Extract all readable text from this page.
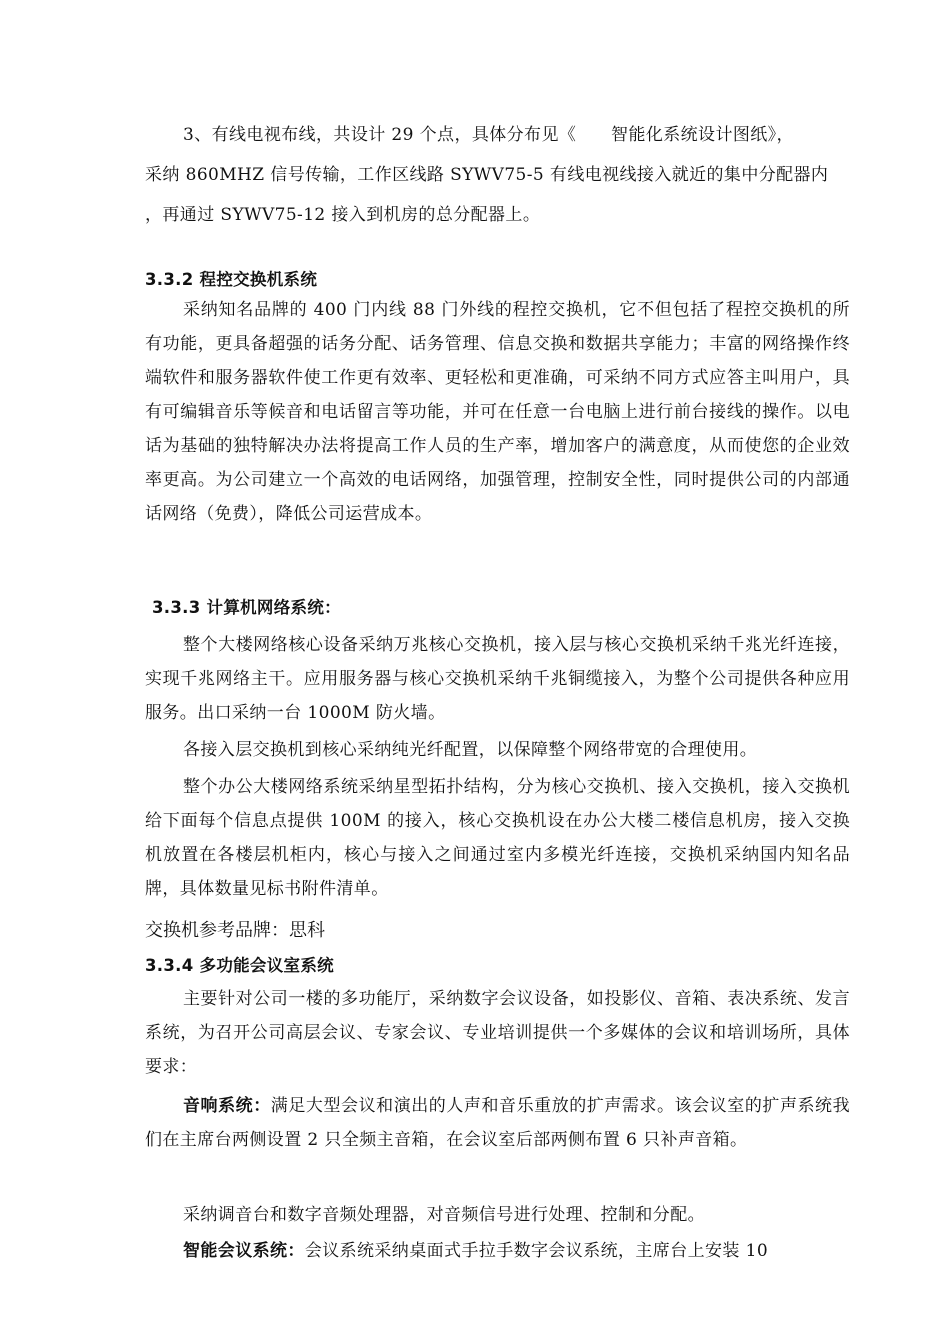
3、有线电视布线，共设计 29 个点，具体分布见《　　智能化系统设计图纸》，

采纳 860MHZ 信号传输，工作区线路 SYWV75-5 有线电视线接入就近的集中分配器内

，再通过 SYWV75-12 接入到机房的总分配器上。

3.3.2 程控交换机系统

采纳知名品牌的 400 门内线 88 门外线的程控交换机，它不但包括了程控交换机的所有功能，更具备超强的话务分配、话务管理、信息交换和数据共享能力；丰富的网络操作终端软件和服务器软件使工作更有效率、更轻松和更准确，可采纳不同方式应答主叫用户，具有可编辑音乐等候音和电话留言等功能，并可在任意一台电脑上进行前台接线的操作。以电话为基础的独特解决办法将提高工作人员的生产率，增加客户的满意度，从而使您的企业效率更高。为公司建立一个高效的电话网络，加强管理，控制安全性，同时提供公司的内部通话网络（免费），降低公司运营成本。

3.3.3 计算机网络系统：

整个大楼网络核心设备采纳万兆核心交换机，接入层与核心交换机采纳千兆光纤连接，实现千兆网络主干。应用服务器与核心交换机采纳千兆铜缆接入，为整个公司提供各种应用服务。出口采纳一台 1000M 防火墙。

各接入层交换机到核心采纳纯光纤配置，以保障整个网络带宽的合理使用。

整个办公大楼网络系统采纳星型拓扑结构，分为核心交换机、接入交换机，接入交换机给下面每个信息点提供 100M 的接入，核心交换机设在办公大楼二楼信息机房，接入交换机放置在各楼层机柜内，核心与接入之间通过室内多模光纤连接，交换机采纳国内知名品牌，具体数量见标书附件清单。

交换机参考品牌：思科

3.3.4 多功能会议室系统

主要针对公司一楼的多功能厅，采纳数字会议设备，如投影仪、音箱、表决系统、发言系统，为召开公司高层会议、专家会议、专业培训提供一个多媒体的会议和培训场所，具体要求：

音响系统：满足大型会议和演出的人声和音乐重放的扩声需求。该会议室的扩声系统我们在主席台两侧设置 2 只全频主音箱，在会议室后部两侧布置 6 只补声音箱。

采纳调音台和数字音频处理器，对音频信号进行处理、控制和分配。

智能会议系统：会议系统采纳桌面式手拉手数字会议系统，主席台上安装 10
